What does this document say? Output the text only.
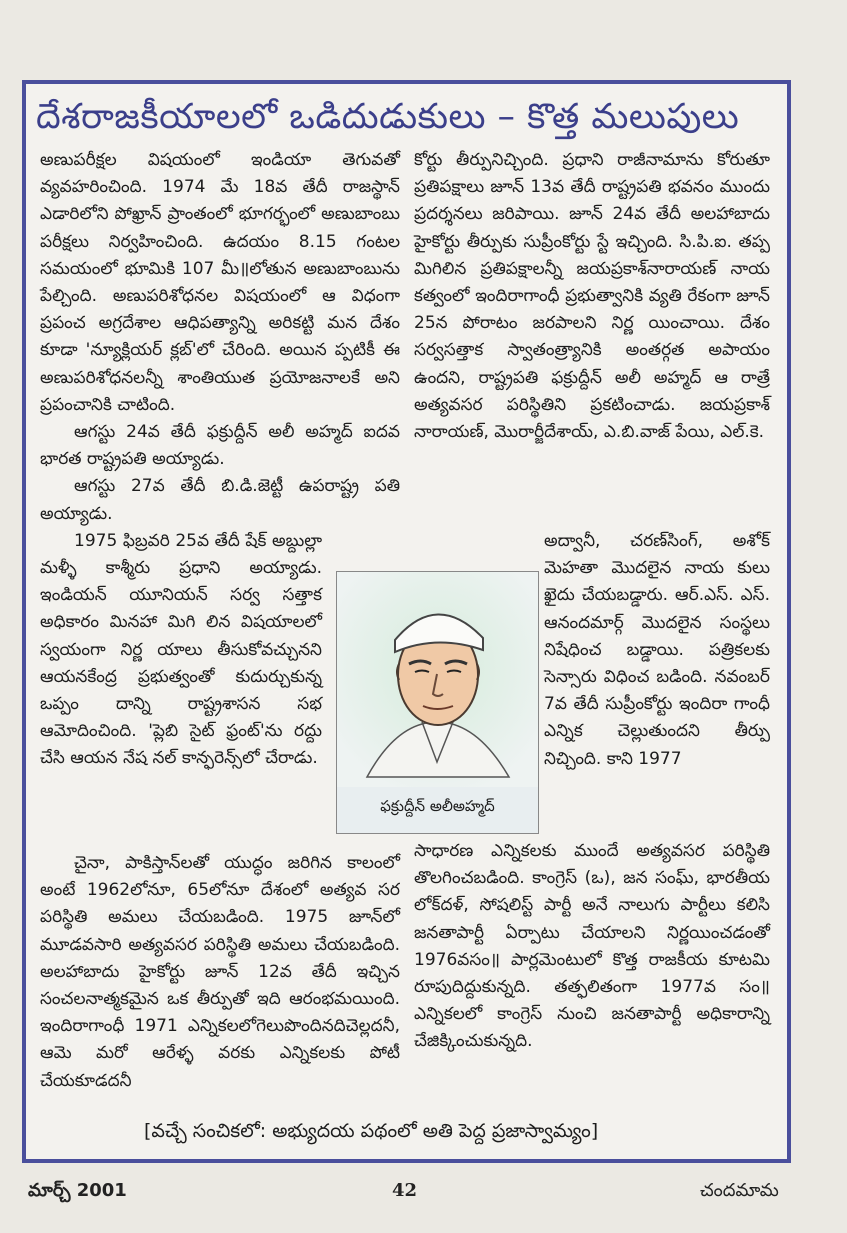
దేశరాజకీయాలలో ఒడిదుడుకులు – కొత్త మలుపులు

అణుపరీక్షల విషయంలో ఇండియా తెగువతో వ్యవహరించింది. 1974 మే 18వ తేదీ రాజస్థాన్ ఎడారిలోని పోఖ్రాన్ ప్రాంతంలో భూగర్భంలో అణుబాంబు పరీక్షలు నిర్వహించింది. ఉదయం 8.15 గంటల సమయంలో భూమికి 107 మీ॥లోతున అణుబాంబును పేల్చింది. అణుపరిశోధనల విషయంలో ఆ విధంగా ప్రపంచ అగ్రదేశాల ఆధిపత్యాన్ని అరికట్టి మన దేశం కూడా 'న్యూక్లియర్ క్లబ్'లో చేరింది. అయిన ప్పటికీ ఈ అణుపరిశోధనలన్నీ శాంతియుత ప్రయోజనాలకే అని ప్రపంచానికి చాటింది.

ఆగస్టు 24వ తేదీ ఫక్రుద్దీన్ అలీ అహ్మద్ ఐదవ భారత రాష్ట్రపతి అయ్యాడు.

ఆగస్టు 27వ తేదీ బి.డి.జెట్టీ ఉపరాష్ట్ర పతి అయ్యాడు.

1975 ఫిబ్రవరి 25వ తేదీ షేక్ అబ్దుల్లా మళ్ళీ కాశ్మీరు ప్రధాని అయ్యాడు. ఇండియన్ యూనియన్ సర్వ సత్తాక అధికారం మినహా మిగి లిన విషయాలలో స్వయంగా నిర్ణ యాలు తీసుకోవచ్చునని ఆయనకేంద్ర ప్రభుత్వంతో కుదుర్చుకున్న ఒప్పం దాన్ని రాష్ట్రశాసన సభ ఆమోదించింది. 'ప్లెబి సైట్ ఫ్రంట్'ను రద్దు చేసి ఆయన నేష నల్ కాన్ఫరెన్స్‌లో చేరాడు.

చైనా, పాకిస్తాన్‌లతో యుద్ధం జరిగిన కాలంలో అంటే 1962లోనూ, 65లోనూ దేశంలో అత్యవ సర పరిస్థితి అమలు చేయబడింది. 1975 జూన్‌లో మూడవసారి అత్యవసర పరిస్థితి అమలు చేయబడింది. అలహాబాదు హైకోర్టు జూన్ 12వ తేదీ ఇచ్చిన సంచలనాత్మకమైన ఒక తీర్పుతో ఇది ఆరంభమయింది. ఇందిరాగాంధీ 1971 ఎన్నికలలోగెలుపొందినదిచెల్లదనీ, ఆమె మరో ఆరేళ్ళ వరకు ఎన్నికలకు పోటీ చేయకూడదనీ

కోర్టు తీర్పునిచ్చింది. ప్రధాని రాజీనామాను కోరుతూ ప్రతిపక్షాలు జూన్ 13వ తేదీ రాష్ట్రపతి భవనం ముందు ప్రదర్శనలు జరిపాయి. జూన్ 24వ తేదీ అలహాబాదు హైకోర్టు తీర్పుకు సుప్రీంకోర్టు స్టే ఇచ్చింది. సి.పి.ఐ. తప్ప మిగిలిన ప్రతిపక్షాలన్నీ జయప్రకాశ్‌నారాయణ్ నాయ కత్వంలో ఇందిరాగాంధీ ప్రభుత్వానికి వ్యతి రేకంగా జూన్ 25న పోరాటం జరపాలని నిర్ణ యించాయి. దేశం సర్వసత్తాక స్వాతంత్ర్యానికి అంతర్గత అపాయం ఉందని, రాష్ట్రపతి ఫక్రుద్దీన్ అలీ అహ్మద్ ఆ రాత్రే అత్యవసర పరిస్థితిని ప్రకటించాడు. జయప్రకాశ్ నారాయణ్, మొరార్జీదేశాయ్, ఎ.బి.వాజ్ పేయి, ఎల్.కె.

అద్వానీ, చరణ్‌సింగ్, అశోక్ మెహతా మొదలైన నాయ కులు ఖైదు చేయబడ్డారు. ఆర్.ఎస్. ఎస్. ఆనందమార్గ్ మొదలైన సంస్థలు నిషేధించ బడ్డాయి. పత్రికలకు సెన్సారు విధించ బడింది. నవంబర్ 7వ తేదీ సుప్రీంకోర్టు ఇందిరా గాంధీ ఎన్నిక చెల్లుతుందని తీర్పు నిచ్చింది. కాని 1977

సాధారణ ఎన్నికలకు ముందే అత్యవసర పరిస్థితి తొలగించబడింది. కాంగ్రెస్ (ఒ), జన సంఘ్, భారతీయ లోక్‌దళ్, సోషలిస్ట్ పార్టీ అనే నాలుగు పార్టీలు కలిసి జనతాపార్టీ ఏర్పాటు చేయాలని నిర్ణయించడంతో 1976వసం॥ పార్లమెంటులో కొత్త రాజకీయ కూటమి రూపుదిద్దుకున్నది. తత్ఫలితంగా 1977వ సం॥ ఎన్నికలలో కాంగ్రెస్ నుంచి జనతాపార్టీ అధికారాన్ని చేజిక్కించుకున్నది.

ఫక్రుద్దీన్ అలీఅహ్మద్
[వచ్చే సంచికలో: అభ్యుదయ పథంలో అతి పెద్ద ప్రజాస్వామ్యం]
మార్చ్ 2001	42	చందమామ
